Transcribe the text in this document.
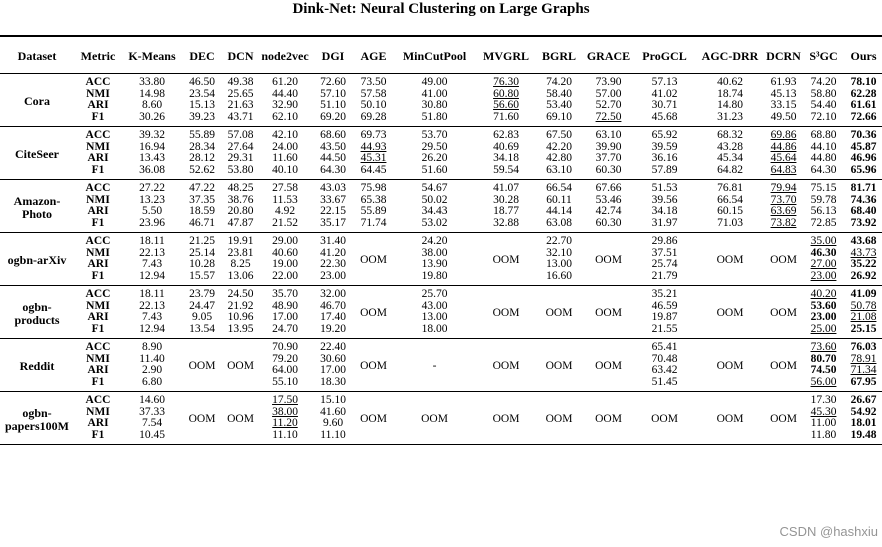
Dink-Net: Neural Clustering on Large Graphs
Dataset	Metric	K-Means	DEC	DCN	node2vec	DGI	AGE	MinCutPool	MVGRL	BGRL	GRACE	ProGCL	AGC-DRR	DCRN	S³GC	Ours
Cora	ACC	33.80	46.50	49.38	61.20	72.60	73.50	49.00	76.30	74.20	73.90	57.13	40.62	61.93	74.20	78.10
	NMI	14.98	23.54	25.65	44.40	57.10	57.58	41.00	60.80	58.40	57.00	41.02	18.74	45.13	58.80	62.28
	ARI	8.60	15.13	21.63	32.90	51.10	50.10	30.80	56.60	53.40	52.70	30.71	14.80	33.15	54.40	61.61
	F1	30.26	39.23	43.71	62.10	69.20	69.28	51.80	71.60	69.10	72.50	45.68	31.23	49.50	72.10	72.66
CiteSeer	ACC	39.32	55.89	57.08	42.10	68.60	69.73	53.70	62.83	67.50	63.10	65.92	68.32	69.86	68.80	70.36
	NMI	16.94	28.34	27.64	24.00	43.50	44.93	29.50	40.69	42.20	39.90	39.59	43.28	44.86	44.10	45.87
	ARI	13.43	28.12	29.31	11.60	44.50	45.31	26.20	34.18	42.80	37.70	36.16	45.34	45.64	44.80	46.96
	F1	36.08	52.62	53.80	40.10	64.30	64.45	51.60	59.54	63.10	60.30	57.89	64.82	64.83	64.30	65.96
Amazon-Photo	ACC	27.22	47.22	48.25	27.58	43.03	75.98	54.67	41.07	66.54	67.66	51.53	76.81	79.94	75.15	81.71
	NMI	13.23	37.35	38.76	11.53	33.67	65.38	50.02	30.28	60.11	53.46	39.56	66.54	73.70	59.78	74.36
	ARI	5.50	18.59	20.80	4.92	22.15	55.89	34.43	18.77	44.14	42.74	34.18	60.15	63.69	56.13	68.40
	F1	23.96	46.71	47.87	21.52	35.17	71.74	53.02	32.88	63.08	60.30	31.97	71.03	73.82	72.85	73.92
ogbn-arXiv	ACC	18.11	21.25	19.91	29.00	31.40	OOM	24.20	OOM	22.70	OOM	29.86	OOM	OOM	35.00	43.68
	NMI	22.13	25.14	23.81	40.60	41.20		38.00		32.10		37.51			46.30	43.73
	ARI	7.43	10.28	8.25	19.00	22.30		13.90		13.00		25.74			27.00	35.22
	F1	12.94	15.57	13.06	22.00	23.00		19.80		16.60		21.79			23.00	26.92
ogbn-products	ACC	18.11	23.79	24.50	35.70	32.00	OOM	25.70	OOM	OOM	OOM	35.21	OOM	OOM	40.20	41.09
	NMI	22.13	24.47	21.92	48.90	46.70		43.00				46.59			53.60	50.78
	ARI	7.43	9.05	10.96	17.00	17.40		13.00				19.87			23.00	21.08
	F1	12.94	13.54	13.95	24.70	19.20		18.00				21.55			25.00	25.15
Reddit	ACC	8.90	OOM	OOM	70.90	22.40	OOM	-	OOM	OOM	OOM	65.41	OOM	OOM	73.60	76.03
	NMI	11.40			79.20	30.60						70.48			80.70	78.91
	ARI	2.90			64.00	17.00						63.42			74.50	71.34
	F1	6.80			55.10	18.30						51.45			56.00	67.95
ogbn-papers100M	ACC	14.60	OOM	OOM	17.50	15.10	OOM	OOM	OOM	OOM	OOM	OOM	OOM	OOM	17.30	26.67
	NMI	37.33			38.00	41.60									45.30	54.92
	ARI	7.54			11.20	9.60									11.00	18.01
	F1	10.45			11.10	11.10									11.80	19.48
CSDN @hashxiu
